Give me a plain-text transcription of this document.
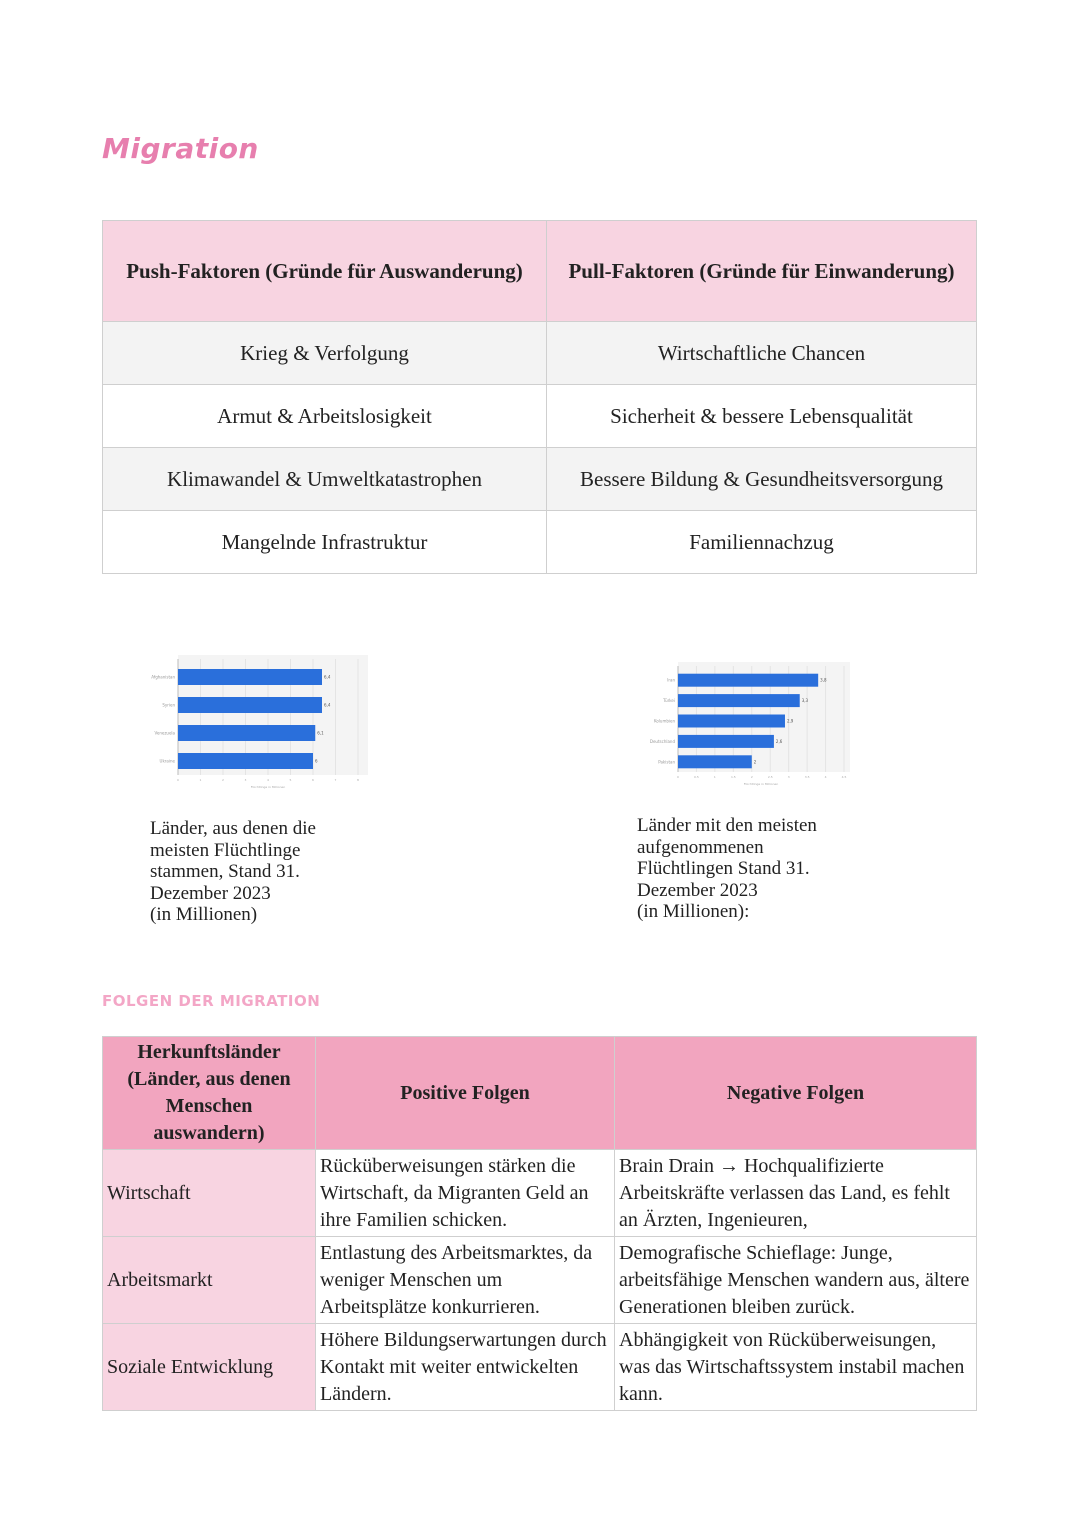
Migration
Push-Faktoren (Gründe für Auswanderung)	Pull-Faktoren (Gründe für Einwanderung)
Krieg & Verfolgung	Wirtschaftliche Chancen
Armut & Arbeitslosigkeit	Sicherheit & bessere Lebensqualität
Klimawandel & Umweltkatastrophen	Bessere Bildung & Gesundheitsversorgung
Mangelnde Infrastruktur	Familiennachzug
0	1	2	3	4	5	6	7	8
Afghanistan	6,4
Syrien	6,4
Venezuela	6,1
Ukraine	6
Flüchtlinge in Millionen
0	0.5	1	1.5	2	2.5	3	3.5	4	4.5
Iran	3,8
Türkei	3,3
Kolumbien	2,9
Deutschland	2,6
Pakistan	2
Flüchtlinge in Millionen
Länder, aus denen die
meisten Flüchtlinge
stammen, Stand 31.
Dezember 2023
(in Millionen)
Länder mit den meisten
aufgenommenen
Flüchtlingen Stand 31.
Dezember 2023
(in Millionen):
FOLGEN DER MIGRATION
Herkunftsländer (Länder, aus denen Menschen auswandern)	Positive Folgen	Negative Folgen
Wirtschaft	Rücküberweisungen stärken die Wirtschaft, da Migranten Geld an ihre Familien schicken.	Brain Drain → Hochqualifizierte Arbeitskräfte verlassen das Land, es fehlt an Ärzten, Ingenieuren,
Arbeitsmarkt	Entlastung des Arbeitsmarktes, da weniger Menschen um Arbeitsplätze konkurrieren.	Demografische Schieflage: Junge, arbeitsfähige Menschen wandern aus, ältere Generationen bleiben zurück.
Soziale Entwicklung	Höhere Bildungserwartungen durch Kontakt mit weiter entwickelten Ländern.	Abhängigkeit von Rücküberweisungen, was das Wirtschaftssystem instabil machen kann.
